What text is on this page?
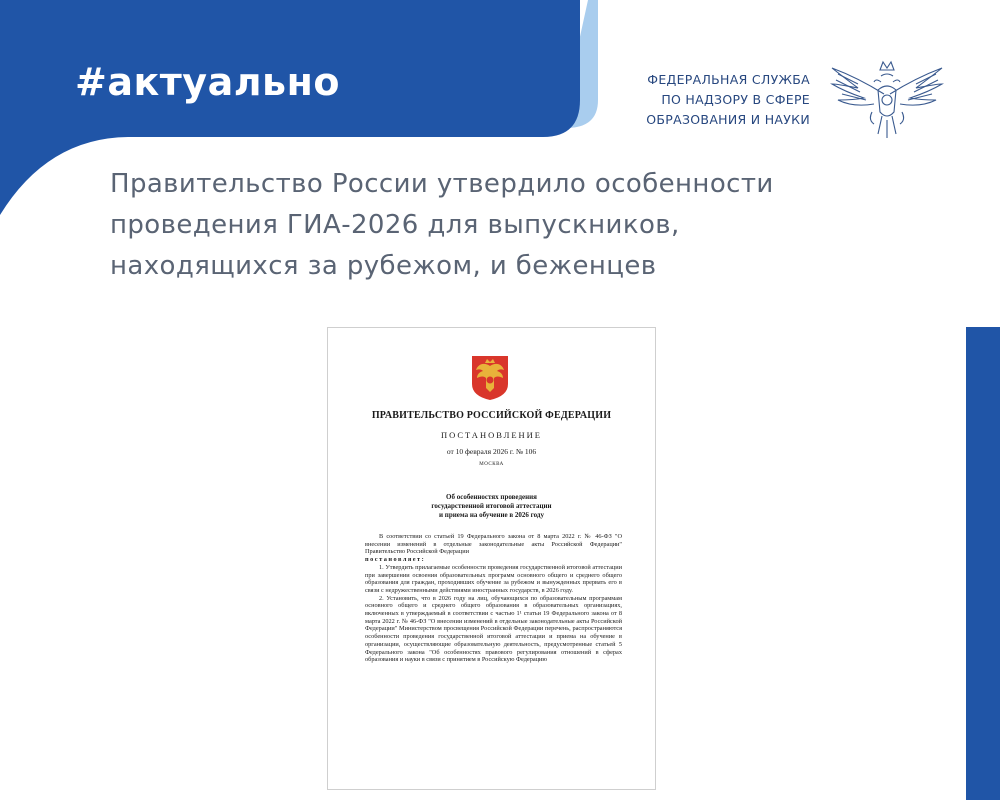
#актуально	ФЕДЕРАЛЬНАЯ СЛУЖБА
ПО НАДЗОРУ В СФЕРЕ
ОБРАЗОВАНИЯ И НАУКИ
Правительство России утвердило особенности
проведения ГИА-2026 для выпускников,
находящихся за рубежом, и беженцев
ПРАВИТЕЛЬСТВО РОССИЙСКОЙ ФЕДЕРАЦИИ
ПОСТАНОВЛЕНИЕ
от 10 февраля 2026 г. № 106
МОСКВА
Об особенностях проведения
государственной итоговой аттестации
и приема на обучение в 2026 году

В соответствии со статьей 19 Федерального закона от 8 марта 2022 г. № 46-ФЗ "О внесении изменений в отдельные законодательные акты Российской Федерации" Правительство Российской Федерации

постановляет:

1. Утвердить прилагаемые особенности проведения государственной итоговой аттестации при завершении освоения образовательных программ основного общего и среднего общего образования для граждан, проходивших обучение за рубежом и вынужденных прервать его в связи с недружественными действиями иностранных государств, в 2026 году.

2. Установить, что в 2026 году на лиц, обучающихся по образовательным программам основного общего и среднего общего образования в образовательных организациях, включенных в утверждаемый в соответствии с частью 1¹ статьи 19 Федерального закона от 8 марта 2022 г. № 46-ФЗ "О внесении изменений в отдельные законодательные акты Российской Федерации" Министерством просвещения Российской Федерации перечень, распространяются особенности проведения государственной итоговой аттестации и приема на обучение в организации, осуществляющие образовательную деятельность, предусмотренные статьей 5 Федерального закона "Об особенностях правового регулирования отношений в сферах образования и науки в связи с принятием в Российскую Федерацию
